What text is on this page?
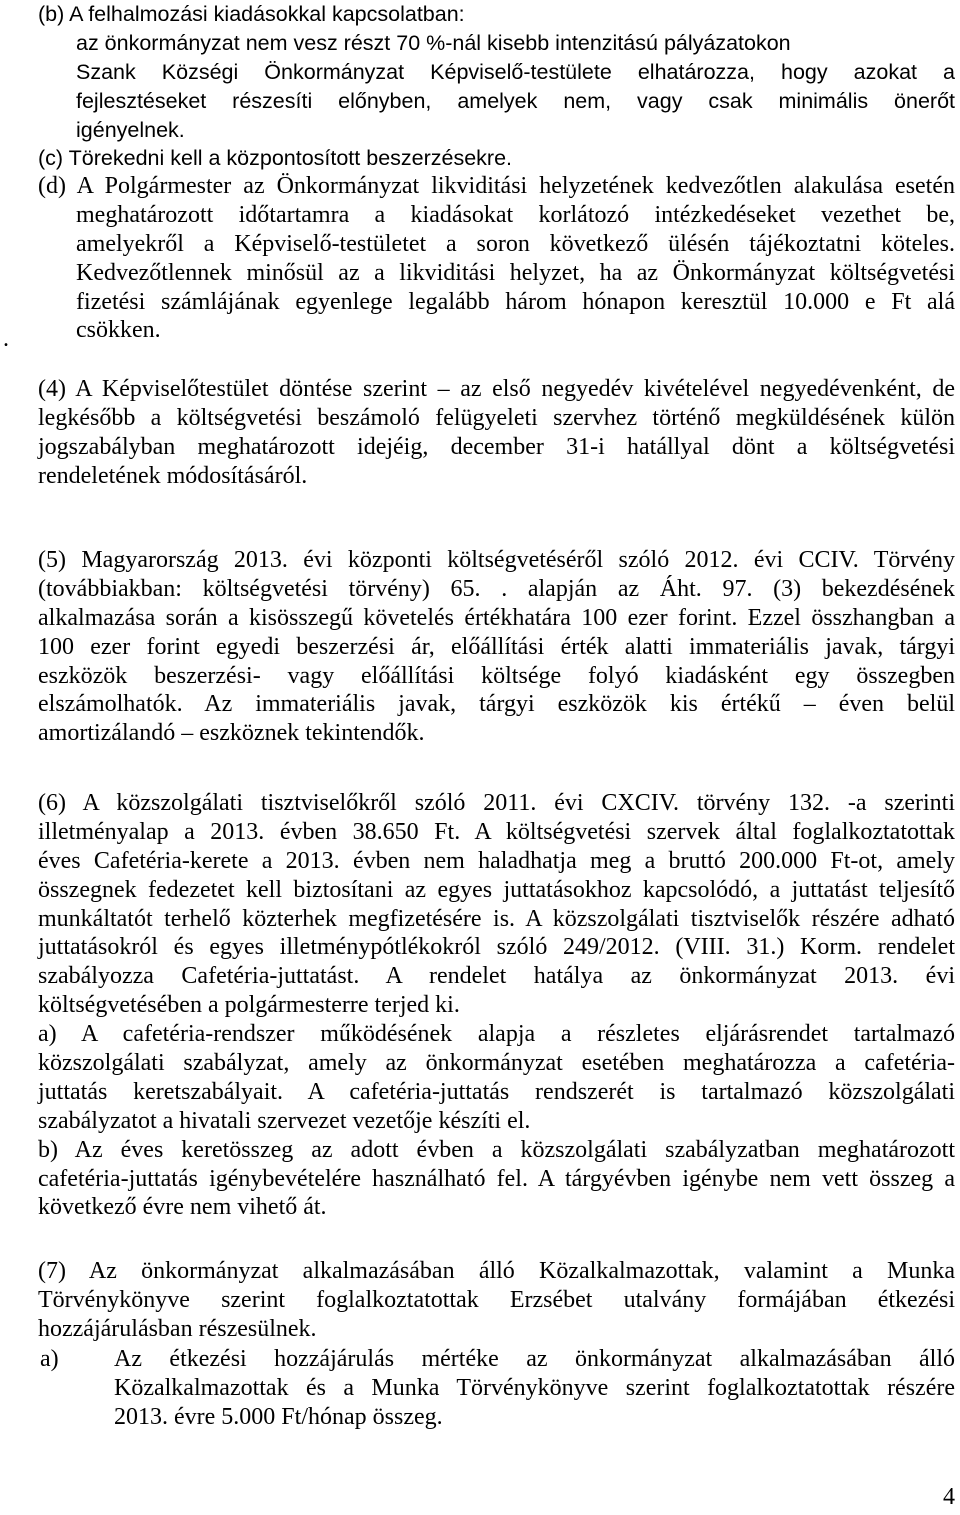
(b) A felhalmozási kiadásokkal kapcsolatban:
az önkormányzat nem vesz részt 70 %-nál kisebb intenzitású pályázatokon
Szank Községi Önkormányzat Képviselő-testülete elhatározza, hogy azokat a
fejlesztéseket részesíti előnyben, amelyek nem, vagy csak minimális önerőt
igényelnek.
(c) Törekedni kell a központosított beszerzésekre.
(d) A Polgármester az Önkormányzat likviditási helyzetének kedvezőtlen alakulása esetén
meghatározott időtartamra a kiadásokat korlátozó intézkedéseket vezethet be,
amelyekről a Képviselő-testületet a soron következő ülésén tájékoztatni köteles.
Kedvezőtlennek minősül az a likviditási helyzet, ha az Önkormányzat költségvetési
fizetési számlájának egyenlege legalább három hónapon keresztül 10.000 e Ft alá
csökken.
.
(4) A Képviselőtestület döntése szerint – az első negyedév kivételével negyedévenként, de
legkésőbb a költségvetési beszámoló felügyeleti szervhez történő megküldésének külön
jogszabályban meghatározott idejéig, december 31-i hatállyal dönt a költségvetési
rendeletének módosításáról.
(5) Magyarország 2013. évi központi költségvetéséről szóló 2012. évi CCIV. Törvény
(továbbiakban: költségvetési törvény) 65. . alapján az Áht. 97. (3) bekezdésének
alkalmazása során a kisösszegű követelés értékhatára 100 ezer forint. Ezzel összhangban a
100 ezer forint egyedi beszerzési ár, előállítási érték alatti immateriális javak, tárgyi
eszközök beszerzési- vagy előállítási költsége folyó kiadásként egy összegben
elszámolhatók. Az immateriális javak, tárgyi eszközök kis értékű – éven belül
amortizálandó – eszköznek tekintendők.
(6) A közszolgálati tisztviselőkről szóló 2011. évi CXCIV. törvény 132. -a szerinti
illetményalap a 2013. évben 38.650 Ft. A költségvetési szervek által foglalkoztatottak
éves Cafetéria-kerete a 2013. évben nem haladhatja meg a bruttó 200.000 Ft-ot, amely
összegnek fedezetet kell biztosítani az egyes juttatásokhoz kapcsolódó, a juttatást teljesítő
munkáltatót terhelő közterhek megfizetésére is. A közszolgálati tisztviselők részére adható
juttatásokról és egyes illetménypótlékokról szóló 249/2012. (VIII. 31.) Korm. rendelet
szabályozza Cafetéria-juttatást. A rendelet hatálya az önkormányzat 2013. évi
költségvetésében a polgármesterre terjed ki.
a) A cafetéria-rendszer működésének alapja a részletes eljárásrendet tartalmazó
közszolgálati szabályzat, amely az önkormányzat esetében meghatározza a cafetéria-
juttatás keretszabályait. A cafetéria-juttatás rendszerét is tartalmazó közszolgálati
szabályzatot a hivatali szervezet vezetője készíti el.
b) Az éves keretösszeg az adott évben a közszolgálati szabályzatban meghatározott
cafetéria-juttatás igénybevételére használható fel. A tárgyévben igénybe nem vett összeg a
következő évre nem vihető át.
(7) Az önkormányzat alkalmazásában álló Közalkalmazottak, valamint a Munka
Törvénykönyve szerint foglalkoztatottak Erzsébet utalvány formájában étkezési
hozzájárulásban részesülnek.
a)	Az étkezési hozzájárulás mértéke az önkormányzat alkalmazásában álló
Közalkalmazottak és a Munka Törvénykönyve szerint foglalkoztatottak részére
2013. évre 5.000 Ft/hónap összeg.
4
